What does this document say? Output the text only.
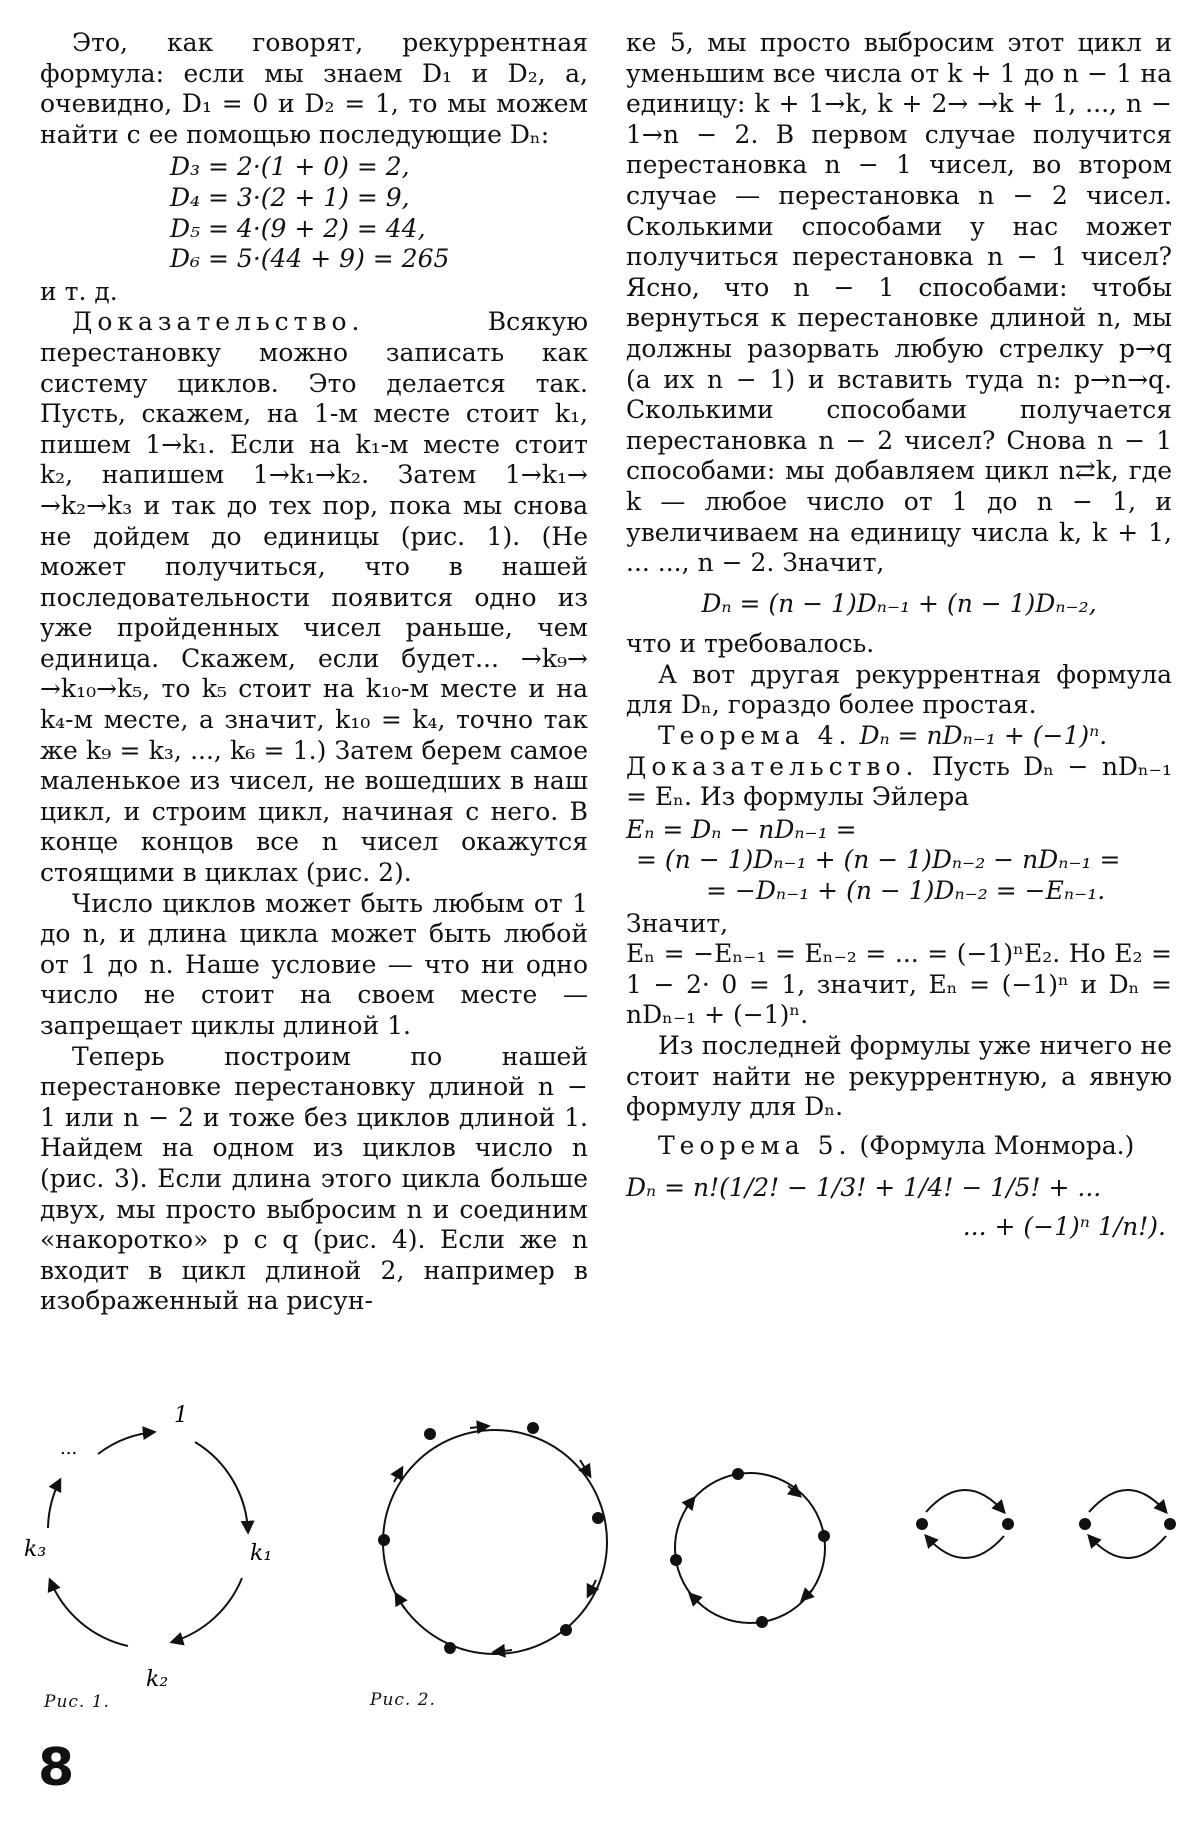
Это, как говорят, рекуррентная формула: если мы знаем D₁ и D₂, а, очевидно, D₁ = 0 и D₂ = 1, то мы можем найти с ее помощью последующие Dₙ:

D₃ = 2·(1 + 0) = 2,
D₄ = 3·(2 + 1) = 9,
D₅ = 4·(9 + 2) = 44,
D₆ = 5·(44 + 9) = 265

и т. д.

Доказательство.	Всякую перестановку можно записать как систему циклов. Это делается так. Пусть, скажем, на 1-м месте стоит k₁, пишем 1→k₁. Если на k₁-м месте стоит k₂, напишем 1→k₁→k₂. Затем 1→k₁→ →k₂→k₃ и так до тех пор, пока мы снова не дойдем до единицы (рис. 1). (Не может получиться, что в нашей последовательности появится одно из уже пройденных чисел раньше, чем единица. Скажем, если будет... →k₉→ →k₁₀→k₅, то k₅ стоит на k₁₀-м месте и на k₄-м месте, а значит, k₁₀ = k₄, точно так же k₉ = k₃, ..., k₆ = 1.) Затем берем самое маленькое из чисел, не вошедших в наш цикл, и строим цикл, начиная с него. В конце концов все n чисел окажутся стоящими в циклах (рис. 2).

Число циклов может быть любым от 1 до n, и длина цикла может быть любой от 1 до n. Наше условие — что ни одно число не стоит на своем месте — запрещает циклы длиной 1.

Теперь построим по нашей перестановке перестановку длиной n − 1 или n − 2 и тоже без циклов длиной 1. Найдем на одном из циклов число n (рис. 3). Если длина этого цикла больше двух, мы просто выбросим n и соединим «накоротко» p с q (рис. 4). Если же n входит в цикл длиной 2, например в изображенный на рисун-

ке 5, мы просто выбросим этот цикл и уменьшим все числа от k + 1 до n − 1 на единицу: k + 1→k, k + 2→ →k + 1, ..., n − 1→n − 2. В первом случае получится перестановка n − 1 чисел, во втором случае — перестановка n − 2 чисел. Сколькими способами у нас может получиться перестановка n − 1 чисел? Ясно, что n − 1 способами: чтобы вернуться к перестановке длиной n, мы должны разорвать любую стрелку p→q (а их n − 1) и вставить туда n: p→n→q. Сколькими способами получается перестановка n − 2 чисел? Снова n − 1 способами: мы добавляем цикл n⇄k, где k — любое число от 1 до n − 1, и увеличиваем на единицу числа k, k + 1, ... ..., n − 2. Значит,

Dₙ = (n − 1)Dₙ₋₁ + (n − 1)Dₙ₋₂,

что и требовалось.

А вот другая рекуррентная формула для Dₙ, гораздо более простая.

Теорема 4. Dₙ = nDₙ₋₁ + (−1)ⁿ.

Доказательство. Пусть Dₙ − nDₙ₋₁ = Eₙ. Из формулы Эйлера

Eₙ = Dₙ − nDₙ₋₁ =
= (n − 1)Dₙ₋₁ + (n − 1)Dₙ₋₂ − nDₙ₋₁ =
= −Dₙ₋₁ + (n − 1)Dₙ₋₂ = −Eₙ₋₁.

Значит,

Eₙ = −Eₙ₋₁ = Eₙ₋₂ = ... = (−1)ⁿE₂. Но E₂ = 1 − 2· 0 = 1, значит, Eₙ = (−1)ⁿ и Dₙ = nDₙ₋₁ + (−1)ⁿ.

Из последней формулы уже ничего не стоит найти не рекуррентную, а явную формулу для Dₙ.

Теорема 5. (Формула Монмора.)

Dₙ = n!(1/2! − 1/3! + 1/4! − 1/5! + ...
... + (−1)ⁿ 1/n!).
1
k₁
k₂
k₃
...
Рис. 1.	Рис. 2.
8
